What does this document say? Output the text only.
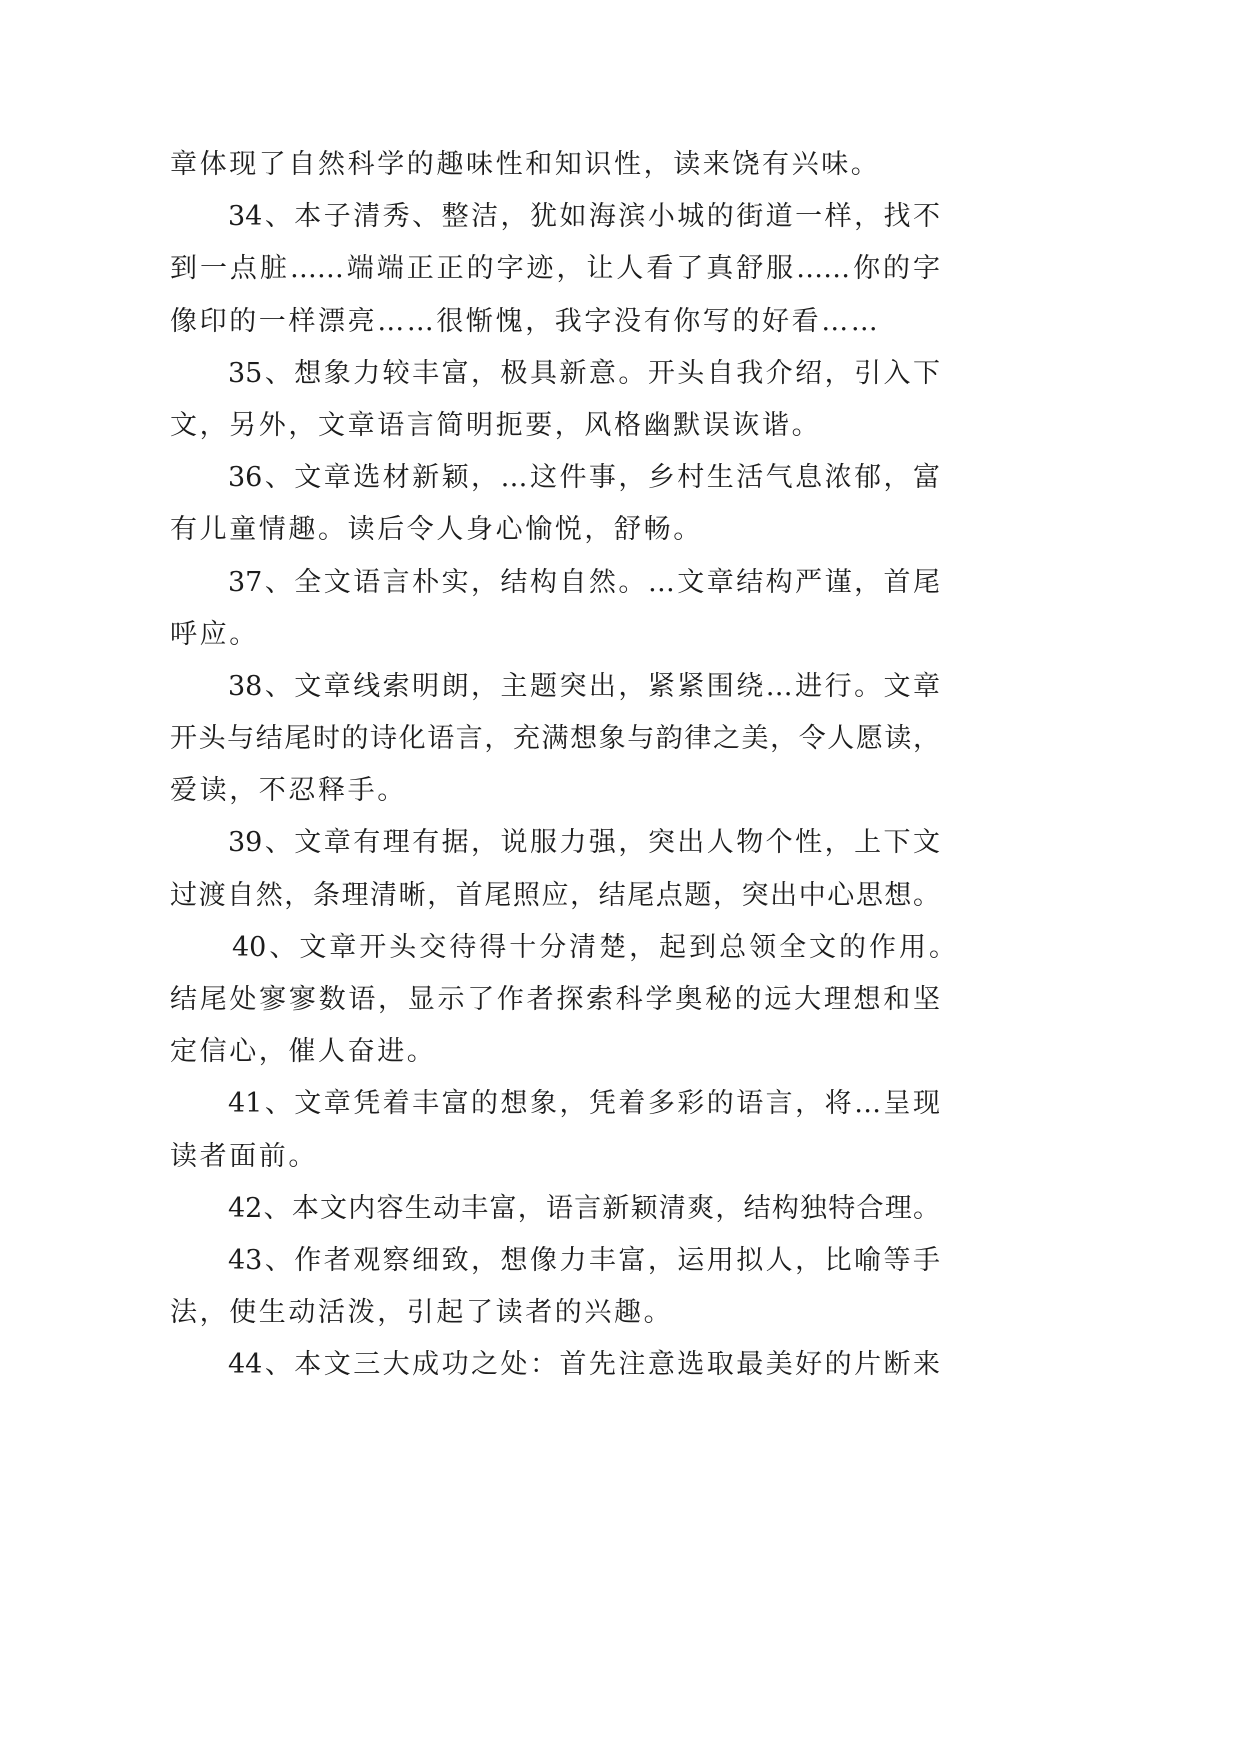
章体现了自然科学的趣味性和知识性，读来饶有兴味。
34、本子清秀、整洁，犹如海滨小城的街道一样，找不
到一点脏……端端正正的字迹，让人看了真舒服……你的字
像印的一样漂亮……很惭愧，我字没有你写的好看……
35、想象力较丰富，极具新意。开头自我介绍，引入下
文，另外，文章语言简明扼要，风格幽默误诙谐。
36、文章选材新颖，…这件事，乡村生活气息浓郁，富
有儿童情趣。读后令人身心愉悦，舒畅。
37、全文语言朴实，结构自然。…文章结构严谨，首尾
呼应。
38、文章线索明朗，主题突出，紧紧围绕…进行。文章
开头与结尾时的诗化语言，充满想象与韵律之美，令人愿读，
爱读，不忍释手。
39、文章有理有据，说服力强，突出人物个性，上下文
过渡自然，条理清晰，首尾照应，结尾点题，突出中心思想。
40、文章开头交待得十分清楚，起到总领全文的作用。
结尾处寥寥数语，显示了作者探索科学奥秘的远大理想和坚
定信心，催人奋进。
41、文章凭着丰富的想象，凭着多彩的语言，将…呈现
读者面前。
42、本文内容生动丰富，语言新颖清爽，结构独特合理。
43、作者观察细致，想像力丰富，运用拟人，比喻等手
法，使生动活泼，引起了读者的兴趣。
44、本文三大成功之处：首先注意选取最美好的片断来
